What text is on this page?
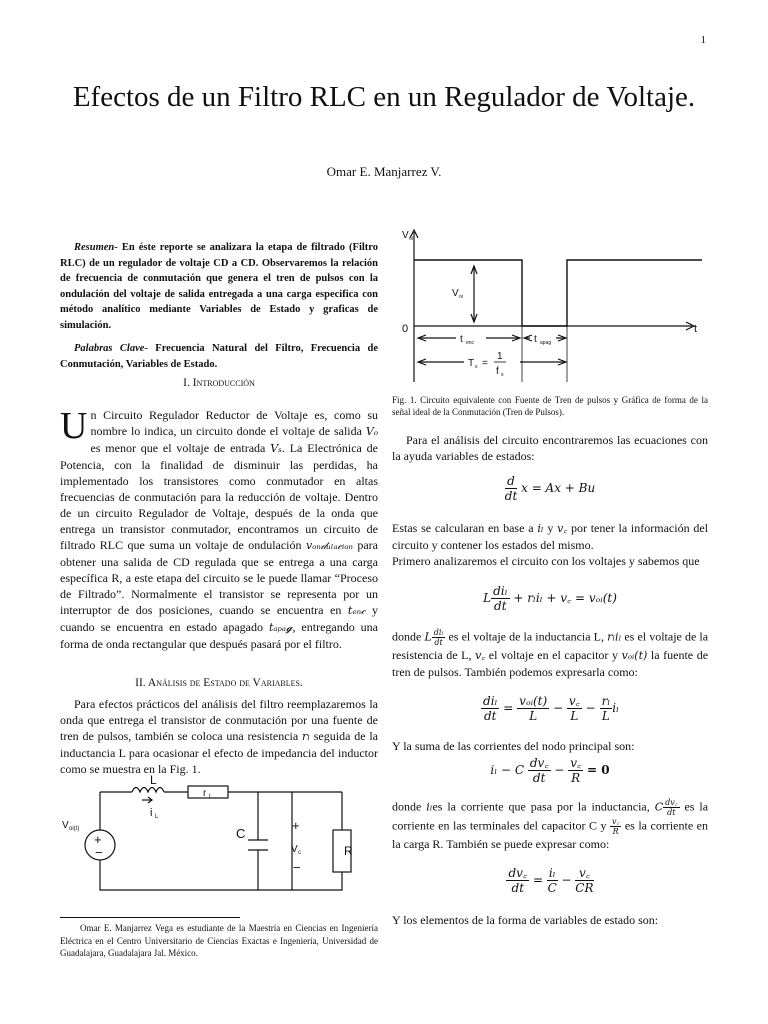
1
Efectos de un Filtro RLC en un Regulador de Voltaje.
Omar E. Manjarrez V.

Resumen- En éste reporte se analizara la etapa de filtrado (Filtro RLC) de un regulador de voltaje CD a CD. Observaremos la relación de frecuencia de conmutación que genera el tren de pulsos con la ondulación del voltaje de salida entregada a una carga especifica con método analítico mediante Variables de Estado y graficas de simulación.

Palabras Clave- Frecuencia Natural del Filtro, Frecuencia de Conmutación, Variables de Estado.

I. Introducción
Un Circuito Regulador Reductor de Voltaje es, como su nombre lo indica, un circuito donde el voltaje de salida Vₒ es menor que el voltaje de entrada Vₛ. La Electrónica de Potencia, con la finalidad de disminuir las perdidas, ha implementado los transistores como conmutador en altas frecuencias de conmutación para la reducción de voltaje. Dentro de un circuito Regulador de Voltaje, después de la onda que entrega un transistor conmutador, encontramos un circuito de filtrado RLC que suma un voltaje de ondulación vₒₙ𝒹ᵤₗₐ𝒸ᵢₒₙ para obtener una salida de CD regulada que se entrega a una carga específica R, a este etapa del circuito se le puede llamar “Proceso de Filtrado”. Normalmente el transistor se representa por un interruptor de dos posiciones, cuando se encuentra en tₑₙ𝒸 y cuando se encuentra en estado apagado tₐₚₐ𝓰, entregando una forma de onda rectangular que después pasará por el filtro.
II. Análisis de Estado de Variables.
Para efectos prácticos del análisis del filtro reemplazaremos la onda que entrega el transistor de conmutación por una fuente de tren de pulsos, también se coloca una resistencia rₗ seguida de la inductancia L para ocasionar el efecto de impedancia del inductor como se muestra en la Fig. 1.
L
r L
i L
C
V oi(t)
+
−
+
V c
−
R
Omar E. Manjarrez Vega es estudiante de la Maestría en Ciencias en Ingeniería Eléctrica en el Centro Universitario de Ciencias Exactas e Ingeniería, Universidad de Guadalajara, Guadalajara Jal. México.
V oi
t
0
V oi
t enc	t apag
T s =
1
f s
Fig. 1. Circuito equivalente con Fuente de Tren de pulsos y Gráfica de forma de la señal ideal de la Conmutación (Tren de Pulsos).
Para el análisis del circuito encontraremos las ecuaciones con la ayuda variables de estados:
$\frac{d}{dt}$ x = Ax + Bu
Estas se calcularan en base a iₗ y v꜀ por tener la información del circuito y contener los estados del mismo.
Primero analizaremos el circuito con los voltajes y sabemos que
L $\frac{\text{diₗ}}{dt} + r_li_l$ + v꜀ = vₒᵢ(t)
donde L $\frac{\text{diₗ}}{dt}$ es el voltaje de la inductancia L, rₗiₗ es el voltaje de la resistencia de L, v꜀ el voltaje en el capacitor y vₒᵢ(t) la fuente de tren de pulsos. También podemos expresarla como:
$\frac{\text{diₗ}}{dt} = \frac{\text{vₒᵢ(t)}}{L} - \frac{v꜀}{L} - \frac{\text{rₗ}}{L}$ iₗ
Y la suma de las corrientes del nodo principal son:
iₗ − C $\frac{dv꜀}{dt} - \frac{v꜀}{R} = 0$
donde iₗes la corriente que pasa por la inductancia, C $\frac{dv꜀}{dt}$ es la corriente en las terminales del capacitor C y $\frac{v꜀}{R}$ es la corriente en la carga R. También se puede expresar como:
$\frac{dv꜀}{dt} = \frac{\text{iₗ}}{C} - \frac{v꜀}{CR}$
Y los elementos de la forma de variables de estado son:
